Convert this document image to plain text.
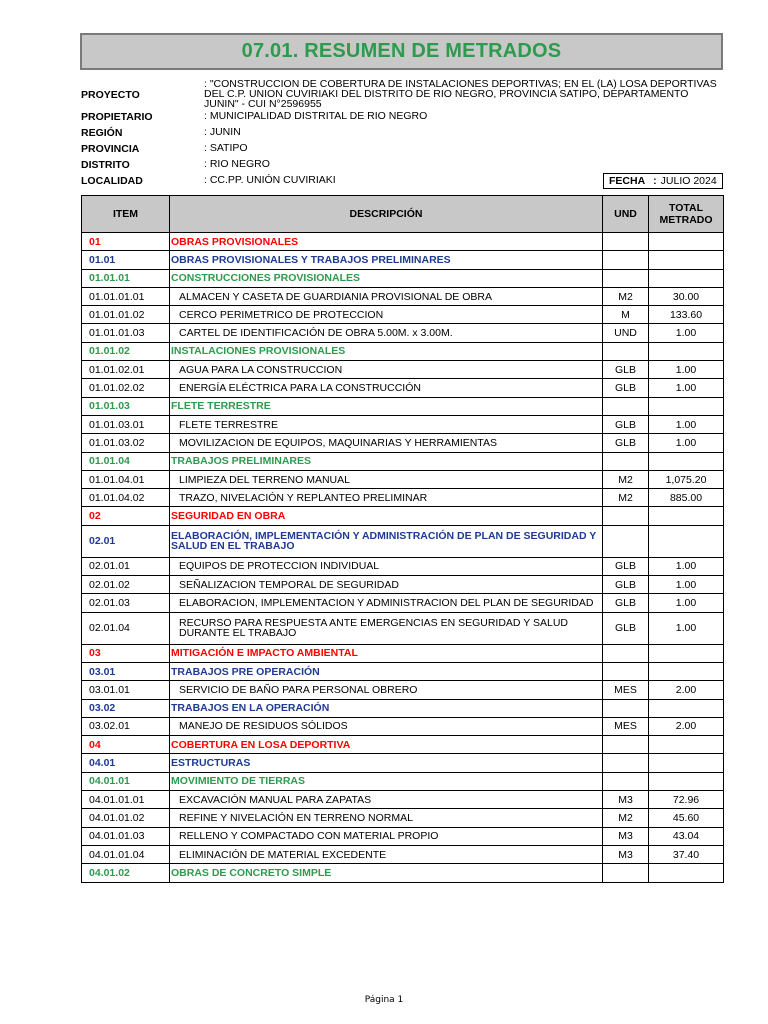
07.01. RESUMEN DE METRADOS
PROYECTO
: "CONSTRUCCION DE COBERTURA DE INSTALACIONES DEPORTIVAS; EN EL (LA) LOSA DEPORTIVAS DEL C.P. UNION CUVIRIAKI DEL DISTRITO DE RIO NEGRO, PROVINCIA SATIPO, DEPARTAMENTO JUNIN" - CUI N°2596955
PROPIETARIO	: MUNICIPALIDAD DISTRITAL DE RIO NEGRO
REGIÓN	: JUNIN
PROVINCIA	: SATIPO
DISTRITO	: RIO NEGRO
LOCALIDAD	: CC.PP. UNIÓN CUVIRIAKI	FECHA : JULIO 2024
ITEM	DESCRIPCIÓN	UND	TOTAL METRADO
01	OBRAS PROVISIONALES		
01.01	OBRAS PROVISIONALES Y TRABAJOS PRELIMINARES		
01.01.01	CONSTRUCCIONES PROVISIONALES		
01.01.01.01	ALMACEN Y CASETA DE GUARDIANIA PROVISIONAL DE OBRA	M2	30.00
01.01.01.02	CERCO PERIMETRICO DE PROTECCION	M	133.60
01.01.01.03	CARTEL DE IDENTIFICACIÓN DE OBRA 5.00M. x 3.00M.	UND	1.00
01.01.02	INSTALACIONES PROVISIONALES		
01.01.02.01	AGUA PARA LA CONSTRUCCION	GLB	1.00
01.01.02.02	ENERGÍA ELÉCTRICA PARA LA CONSTRUCCIÓN	GLB	1.00
01.01.03	FLETE TERRESTRE		
01.01.03.01	FLETE TERRESTRE	GLB	1.00
01.01.03.02	MOVILIZACION DE EQUIPOS, MAQUINARIAS Y HERRAMIENTAS	GLB	1.00
01.01.04	TRABAJOS PRELIMINARES		
01.01.04.01	LIMPIEZA DEL TERRENO MANUAL	M2	1,075.20
01.01.04.02	TRAZO, NIVELACIÓN Y REPLANTEO PRELIMINAR	M2	885.00
02	SEGURIDAD EN OBRA		
02.01	ELABORACIÓN, IMPLEMENTACIÓN Y ADMINISTRACIÓN DE PLAN DE SEGURIDAD Y SALUD EN EL TRABAJO		
02.01.01	EQUIPOS DE PROTECCION INDIVIDUAL	GLB	1.00
02.01.02	SEÑALIZACION TEMPORAL DE SEGURIDAD	GLB	1.00
02.01.03	ELABORACION, IMPLEMENTACION Y ADMINISTRACION DEL PLAN DE SEGURIDAD	GLB	1.00
02.01.04	RECURSO PARA RESPUESTA ANTE EMERGENCIAS EN SEGURIDAD Y SALUD DURANTE EL TRABAJO	GLB	1.00
03	MITIGACIÓN E IMPACTO AMBIENTAL		
03.01	TRABAJOS PRE OPERACIÓN		
03.01.01	SERVICIO DE BAÑO PARA PERSONAL OBRERO	MES	2.00
03.02	TRABAJOS EN LA OPERACIÓN		
03.02.01	MANEJO DE RESIDUOS SÓLIDOS	MES	2.00
04	COBERTURA EN LOSA DEPORTIVA		
04.01	ESTRUCTURAS		
04.01.01	MOVIMIENTO DE TIERRAS		
04.01.01.01	EXCAVACIÓN MANUAL PARA ZAPATAS	M3	72.96
04.01.01.02	REFINE Y NIVELACIÓN EN TERRENO NORMAL	M2	45.60
04.01.01.03	RELLENO Y COMPACTADO CON MATERIAL PROPIO	M3	43.04
04.01.01.04	ELIMINACIÓN DE MATERIAL EXCEDENTE	M3	37.40
04.01.02	OBRAS DE CONCRETO SIMPLE		
Página 1
